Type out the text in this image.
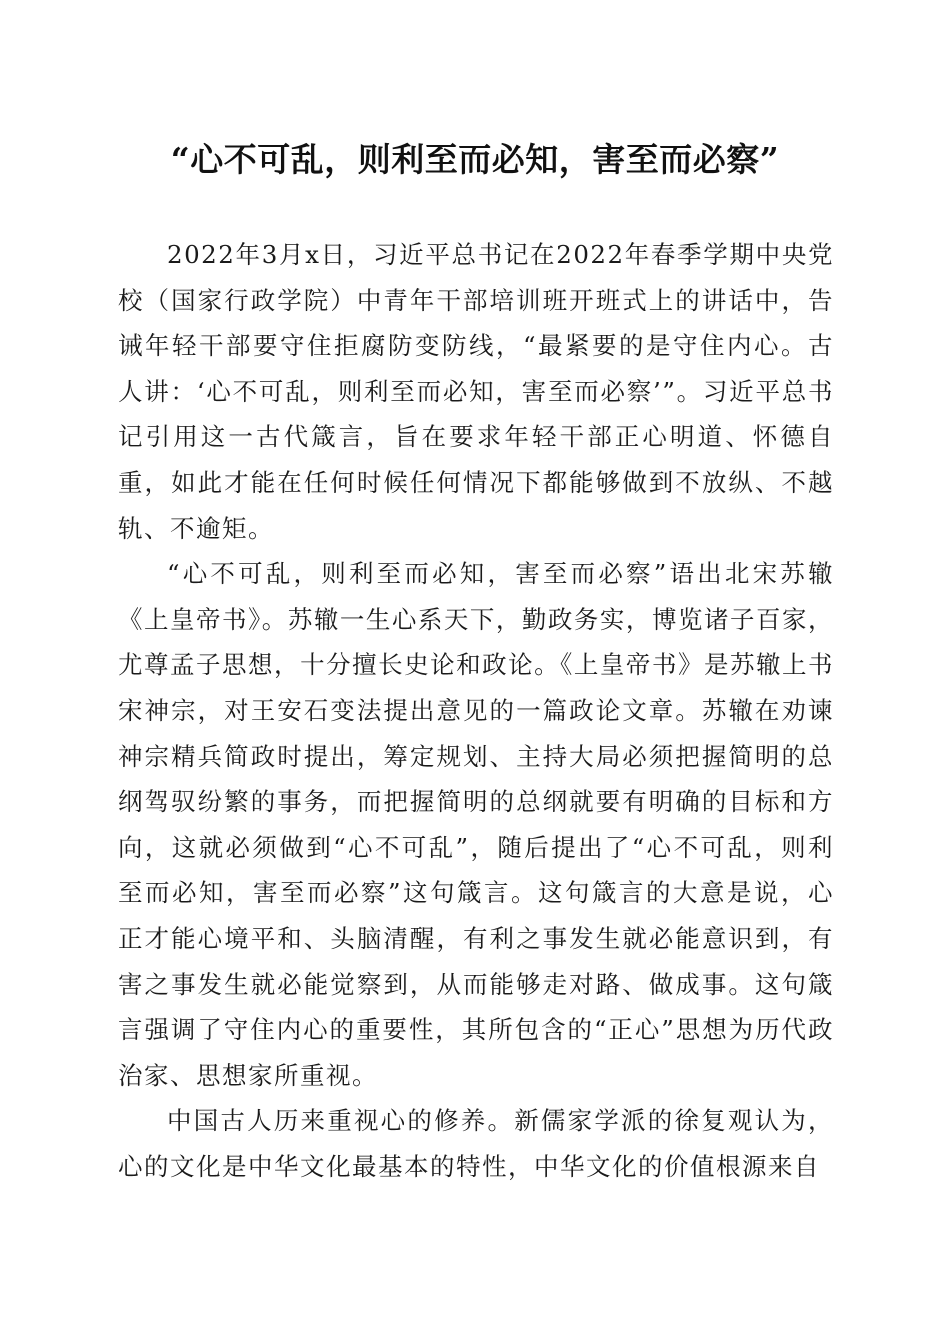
“心不可乱，则利至而必知，害至而必察”

2022年3月x日，习近平总书记在2022年春季学期中央党校（国家行政学院）中青年干部培训班开班式上的讲话中，告诫年轻干部要守住拒腐防变防线，“最紧要的是守住内心。古人讲：‘心不可乱，则利至而必知，害至而必察’”。习近平总书记引用这一古代箴言，旨在要求年轻干部正心明道、怀德自重，如此才能在任何时候任何情况下都能够做到不放纵、不越轨、不逾矩。

“心不可乱，则利至而必知，害至而必察”语出北宋苏辙《上皇帝书》。苏辙一生心系天下，勤政务实，博览诸子百家，尤尊孟子思想，十分擅长史论和政论。《上皇帝书》是苏辙上书宋神宗，对王安石变法提出意见的一篇政论文章。苏辙在劝谏神宗精兵简政时提出，筹定规划、主持大局必须把握简明的总纲驾驭纷繁的事务，而把握简明的总纲就要有明确的目标和方向，这就必须做到“心不可乱”，随后提出了“心不可乱，则利至而必知，害至而必察”这句箴言。这句箴言的大意是说，心正才能心境平和、头脑清醒，有利之事发生就必能意识到，有害之事发生就必能觉察到，从而能够走对路、做成事。这句箴言强调了守住内心的重要性，其所包含的“正心”思想为历代政治家、思想家所重视。

中国古人历来重视心的修养。新儒家学派的徐复观认为，心的文化是中华文化最基本的特性，中华文化的价值根源来自
